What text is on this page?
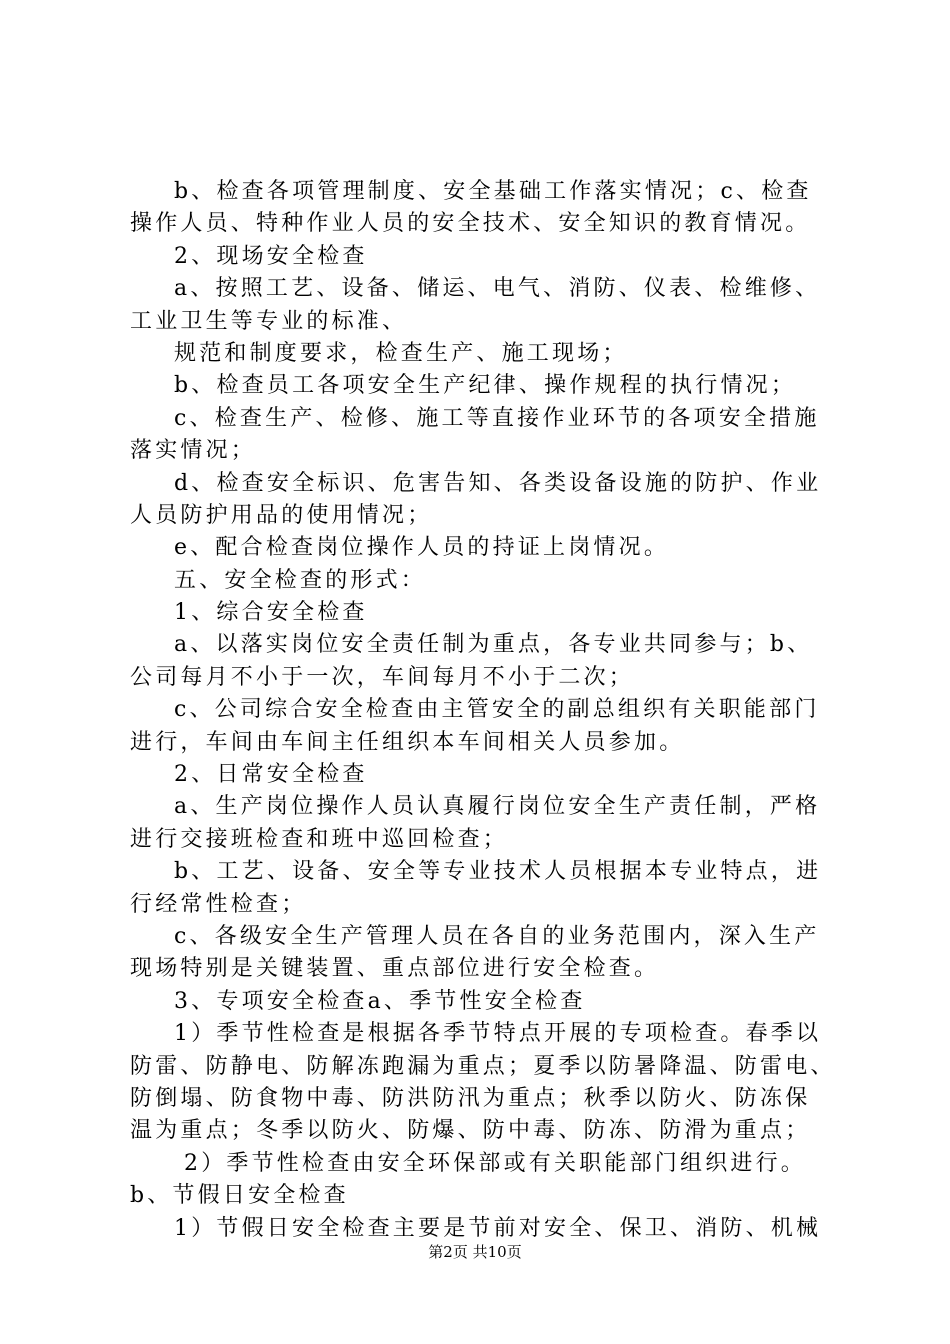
b、检查各项管理制度、安全基础工作落实情况；c、检查
操作人员、特种作业人员的安全技术、安全知识的教育情况。
2、现场安全检查
a、按照工艺、设备、储运、电气、消防、仪表、检维修、
工业卫生等专业的标准、
规范和制度要求，检查生产、施工现场；
b、检查员工各项安全生产纪律、操作规程的执行情况；
c、检查生产、检修、施工等直接作业环节的各项安全措施
落实情况；
d、检查安全标识、危害告知、各类设备设施的防护、作业
人员防护用品的使用情况；
e、配合检查岗位操作人员的持证上岗情况。
五、安全检查的形式：
1、综合安全检查
a、以落实岗位安全责任制为重点，各专业共同参与；b、
公司每月不小于一次，车间每月不小于二次；
c、公司综合安全检查由主管安全的副总组织有关职能部门
进行，车间由车间主任组织本车间相关人员参加。
2、日常安全检查
a、生产岗位操作人员认真履行岗位安全生产责任制，严格
进行交接班检查和班中巡回检查；
b、工艺、设备、安全等专业技术人员根据本专业特点，进
行经常性检查；
c、各级安全生产管理人员在各自的业务范围内，深入生产
现场特别是关键装置、重点部位进行安全检查。
3、专项安全检查a、季节性安全检查
1）季节性检查是根据各季节特点开展的专项检查。春季以
防雷、防静电、防解冻跑漏为重点；夏季以防暑降温、防雷电、
防倒塌、防食物中毒、防洪防汛为重点；秋季以防火、防冻保
温为重点；冬季以防火、防爆、防中毒、防冻、防滑为重点；
2）季节性检查由安全环保部或有关职能部门组织进行。
b、节假日安全检查
1）节假日安全检查主要是节前对安全、保卫、消防、机械
第2页 共10页
